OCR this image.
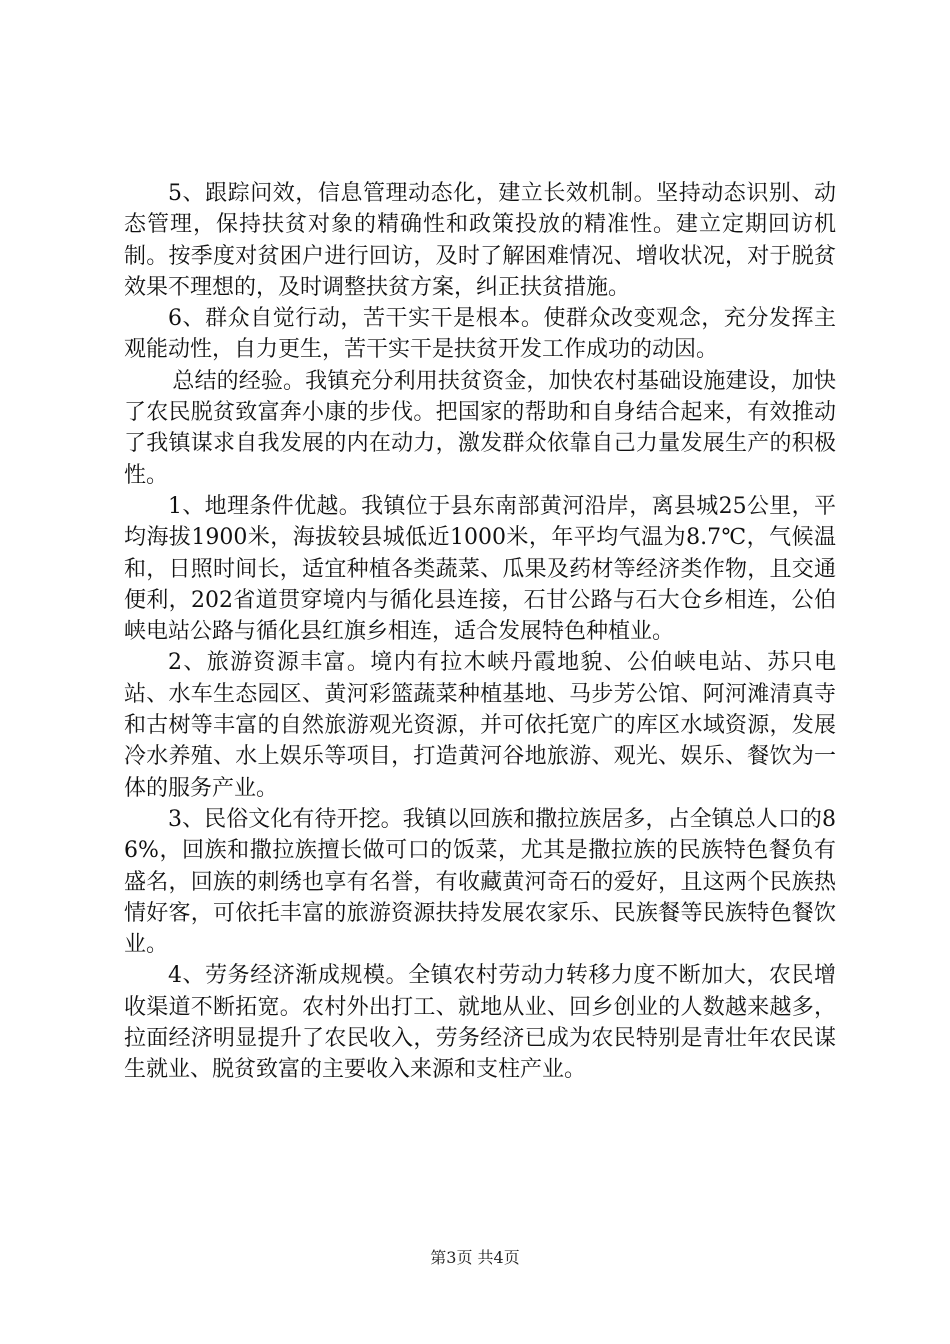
5、跟踪问效，信息管理动态化，建立长效机制。坚持动态识别、动态管理，保持扶贫对象的精确性和政策投放的精准性。建立定期回访机制。按季度对贫困户进行回访，及时了解困难情况、增收状况，对于脱贫效果不理想的，及时调整扶贫方案，纠正扶贫措施。

6、群众自觉行动，苦干实干是根本。使群众改变观念，充分发挥主观能动性，自力更生，苦干实干是扶贫开发工作成功的动因。

总结的经验。我镇充分利用扶贫资金，加快农村基础设施建设，加快了农民脱贫致富奔小康的步伐。把国家的帮助和自身结合起来，有效推动了我镇谋求自我发展的内在动力，激发群众依靠自己力量发展生产的积极性。

1、地理条件优越。我镇位于县东南部黄河沿岸，离县城25公里，平均海拔1900米，海拔较县城低近1000米，年平均气温为8.7℃，气候温和，日照时间长，适宜种植各类蔬菜、瓜果及药材等经济类作物，且交通便利，202省道贯穿境内与循化县连接，石甘公路与石大仓乡相连，公伯峡电站公路与循化县红旗乡相连，适合发展特色种植业。

2、旅游资源丰富。境内有拉木峡丹霞地貌、公伯峡电站、苏只电站、水车生态园区、黄河彩篮蔬菜种植基地、马步芳公馆、阿河滩清真寺和古树等丰富的自然旅游观光资源，并可依托宽广的库区水域资源，发展冷水养殖、水上娱乐等项目，打造黄河谷地旅游、观光、娱乐、餐饮为一体的服务产业。

3、民俗文化有待开挖。我镇以回族和撒拉族居多，占全镇总人口的86%，回族和撒拉族擅长做可口的饭菜，尤其是撒拉族的民族特色餐负有盛名，回族的刺绣也享有名誉，有收藏黄河奇石的爱好，且这两个民族热情好客，可依托丰富的旅游资源扶持发展农家乐、民族餐等民族特色餐饮业。

4、劳务经济渐成规模。全镇农村劳动力转移力度不断加大，农民增收渠道不断拓宽。农村外出打工、就地从业、回乡创业的人数越来越多，拉面经济明显提升了农民收入，劳务经济已成为农民特别是青壮年农民谋生就业、脱贫致富的主要收入来源和支柱产业。

第3页 共4页
